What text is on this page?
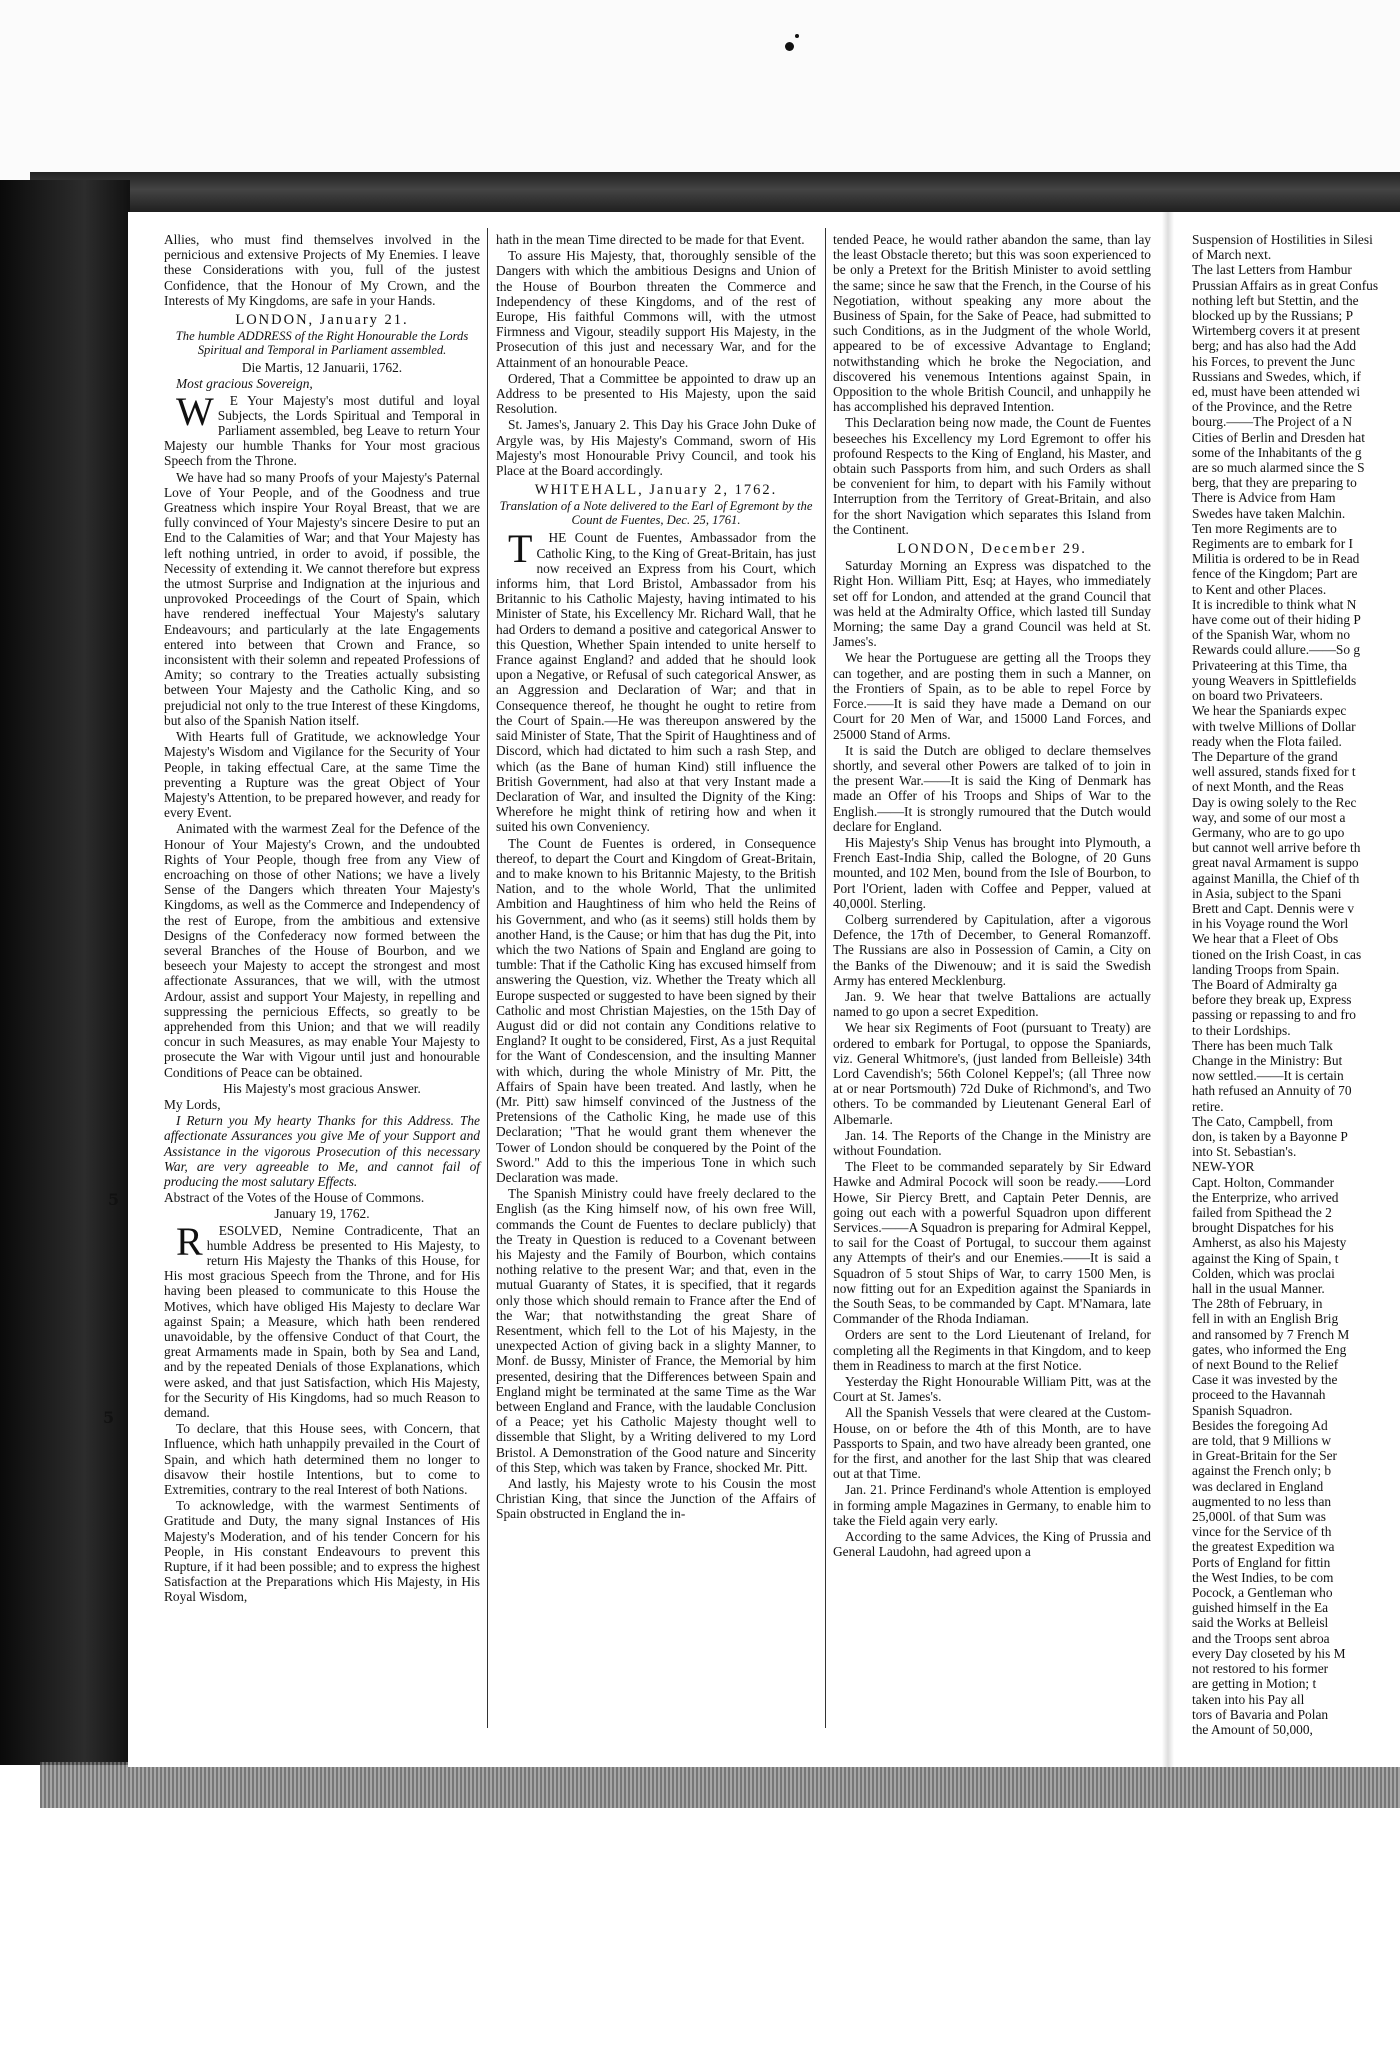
Allies, who must find themselves involved in the pernicious and extensive Projects of My Enemies. I leave these Considerations with you, full of the justest Confidence, that the Honour of My Crown, and the Interests of My Kingdoms, are safe in your Hands.

LONDON, January 21.

The humble ADDRESS of the Right Honourable the Lords Spiritual and Temporal in Parliament assembled.

Die Martis, 12 Januarii, 1762.

Most gracious Sovereign,

WE Your Majesty's most dutiful and loyal Subjects, the Lords Spiritual and Temporal in Parliament assembled, beg Leave to return Your Majesty our humble Thanks for Your most gracious Speech from the Throne.

We have had so many Proofs of your Majesty's Paternal Love of Your People, and of the Goodness and true Greatness which inspire Your Royal Breast, that we are fully convinced of Your Majesty's sincere Desire to put an End to the Calamities of War; and that Your Majesty has left nothing untried, in order to avoid, if possible, the Necessity of extending it. We cannot therefore but express the utmost Surprise and Indignation at the injurious and unprovoked Proceedings of the Court of Spain, which have rendered ineffectual Your Majesty's salutary Endeavours; and particularly at the late Engagements entered into between that Crown and France, so inconsistent with their solemn and repeated Professions of Amity; so contrary to the Treaties actually subsisting between Your Majesty and the Catholic King, and so prejudicial not only to the true Interest of these Kingdoms, but also of the Spanish Nation itself.

With Hearts full of Gratitude, we acknowledge Your Majesty's Wisdom and Vigilance for the Security of Your People, in taking effectual Care, at the same Time the preventing a Rupture was the great Object of Your Majesty's Attention, to be prepared however, and ready for every Event.

Animated with the warmest Zeal for the Defence of the Honour of Your Majesty's Crown, and the undoubted Rights of Your People, though free from any View of encroaching on those of other Nations; we have a lively Sense of the Dangers which threaten Your Majesty's Kingdoms, as well as the Commerce and Independency of the rest of Europe, from the ambitious and extensive Designs of the Confederacy now formed between the several Branches of the House of Bourbon, and we beseech your Majesty to accept the strongest and most affectionate Assurances, that we will, with the utmost Ardour, assist and support Your Majesty, in repelling and suppressing the pernicious Effects, so greatly to be apprehended from this Union; and that we will readily concur in such Measures, as may enable Your Majesty to prosecute the War with Vigour until just and honourable Conditions of Peace can be obtained.

His Majesty's most gracious Answer.

My Lords,

I Return you My hearty Thanks for this Address. The affectionate Assurances you give Me of your Support and Assistance in the vigorous Prosecution of this necessary War, are very agreeable to Me, and cannot fail of producing the most salutary Effects.

Abstract of the Votes of the House of Commons.

January 19, 1762.

RESOLVED, Nemine Contradicente, That an humble Address be presented to His Majesty, to return His Majesty the Thanks of this House, for His most gracious Speech from the Throne, and for His having been pleased to communicate to this House the Motives, which have obliged His Majesty to declare War against Spain; a Measure, which hath been rendered unavoidable, by the offensive Conduct of that Court, the great Armaments made in Spain, both by Sea and Land, and by the repeated Denials of those Explanations, which were asked, and that just Satisfaction, which His Majesty, for the Security of His Kingdoms, had so much Reason to demand.

To declare, that this House sees, with Concern, that Influence, which hath unhappily prevailed in the Court of Spain, and which hath determined them no longer to disavow their hostile Intentions, but to come to Extremities, contrary to the real Interest of both Nations.

To acknowledge, with the warmest Sentiments of Gratitude and Duty, the many signal Instances of His Majesty's Moderation, and of his tender Concern for his People, in His constant Endeavours to prevent this Rupture, if it had been possible; and to express the highest Satisfaction at the Preparations which His Majesty, in His Royal Wisdom,

hath in the mean Time directed to be made for that Event.

To assure His Majesty, that, thoroughly sensible of the Dangers with which the ambitious Designs and Union of the House of Bourbon threaten the Commerce and Independency of these Kingdoms, and of the rest of Europe, His faithful Commons will, with the utmost Firmness and Vigour, steadily support His Majesty, in the Prosecution of this just and necessary War, and for the Attainment of an honourable Peace.

Ordered, That a Committee be appointed to draw up an Address to be presented to His Majesty, upon the said Resolution.

St. James's, January 2. This Day his Grace John Duke of Argyle was, by His Majesty's Command, sworn of His Majesty's most Honourable Privy Council, and took his Place at the Board accordingly.

WHITEHALL, January 2, 1762.

Translation of a Note delivered to the Earl of Egremont by the Count de Fuentes, Dec. 25, 1761.

THE Count de Fuentes, Ambassador from the Catholic King, to the King of Great-Britain, has just now received an Express from his Court, which informs him, that Lord Bristol, Ambassador from his Britannic to his Catholic Majesty, having intimated to his Minister of State, his Excellency Mr. Richard Wall, that he had Orders to demand a positive and categorical Answer to this Question, Whether Spain intended to unite herself to France against England? and added that he should look upon a Negative, or Refusal of such categorical Answer, as an Aggression and Declaration of War; and that in Consequence thereof, he thought he ought to retire from the Court of Spain.—He was thereupon answered by the said Minister of State, That the Spirit of Haughtiness and of Discord, which had dictated to him such a rash Step, and which (as the Bane of human Kind) still influence the British Government, had also at that very Instant made a Declaration of War, and insulted the Dignity of the King: Wherefore he might think of retiring how and when it suited his own Conveniency.

The Count de Fuentes is ordered, in Consequence thereof, to depart the Court and Kingdom of Great-Britain, and to make known to his Britannic Majesty, to the British Nation, and to the whole World, That the unlimited Ambition and Haughtiness of him who held the Reins of his Government, and who (as it seems) still holds them by another Hand, is the Cause; or him that has dug the Pit, into which the two Nations of Spain and England are going to tumble: That if the Catholic King has excused himself from answering the Question, viz. Whether the Treaty which all Europe suspected or suggested to have been signed by their Catholic and most Christian Majesties, on the 15th Day of August did or did not contain any Conditions relative to England? It ought to be considered, First, As a just Requital for the Want of Condescension, and the insulting Manner with which, during the whole Ministry of Mr. Pitt, the Affairs of Spain have been treated. And lastly, when he (Mr. Pitt) saw himself convinced of the Justness of the Pretensions of the Catholic King, he made use of this Declaration; "That he would grant them whenever the Tower of London should be conquered by the Point of the Sword." Add to this the imperious Tone in which such Declaration was made.

The Spanish Ministry could have freely declared to the English (as the King himself now, of his own free Will, commands the Count de Fuentes to declare publicly) that the Treaty in Question is reduced to a Covenant between his Majesty and the Family of Bourbon, which contains nothing relative to the present War; and that, even in the mutual Guaranty of States, it is specified, that it regards only those which should remain to France after the End of the War; that notwithstanding the great Share of Resentment, which fell to the Lot of his Majesty, in the unexpected Action of giving back in a slighty Manner, to Monf. de Bussy, Minister of France, the Memorial by him presented, desiring that the Differences between Spain and England might be terminated at the same Time as the War between England and France, with the laudable Conclusion of a Peace; yet his Catholic Majesty thought well to dissemble that Slight, by a Writing delivered to my Lord Bristol. A Demonstration of the Good nature and Sincerity of this Step, which was taken by France, shocked Mr. Pitt.

And lastly, his Majesty wrote to his Cousin the most Christian King, that since the Junction of the Affairs of Spain obstructed in England the in-

tended Peace, he would rather abandon the same, than lay the least Obstacle thereto; but this was soon experienced to be only a Pretext for the British Minister to avoid settling the same; since he saw that the French, in the Course of his Negotiation, without speaking any more about the Business of Spain, for the Sake of Peace, had submitted to such Conditions, as in the Judgment of the whole World, appeared to be of excessive Advantage to England; notwithstanding which he broke the Negociation, and discovered his venemous Intentions against Spain, in Opposition to the whole British Council, and unhappily he has accomplished his depraved Intention.

This Declaration being now made, the Count de Fuentes beseeches his Excellency my Lord Egremont to offer his profound Respects to the King of England, his Master, and obtain such Passports from him, and such Orders as shall be convenient for him, to depart with his Family without Interruption from the Territory of Great-Britain, and also for the short Navigation which separates this Island from the Continent.

LONDON, December 29.

Saturday Morning an Express was dispatched to the Right Hon. William Pitt, Esq; at Hayes, who immediately set off for London, and attended at the grand Council that was held at the Admiralty Office, which lasted till Sunday Morning; the same Day a grand Council was held at St. James's.

We hear the Portuguese are getting all the Troops they can together, and are posting them in such a Manner, on the Frontiers of Spain, as to be able to repel Force by Force.——It is said they have made a Demand on our Court for 20 Men of War, and 15000 Land Forces, and 25000 Stand of Arms.

It is said the Dutch are obliged to declare themselves shortly, and several other Powers are talked of to join in the present War.——It is said the King of Denmark has made an Offer of his Troops and Ships of War to the English.——It is strongly rumoured that the Dutch would declare for England.

His Majesty's Ship Venus has brought into Plymouth, a French East-India Ship, called the Bologne, of 20 Guns mounted, and 102 Men, bound from the Isle of Bourbon, to Port l'Orient, laden with Coffee and Pepper, valued at 40,000l. Sterling.

Colberg surrendered by Capitulation, after a vigorous Defence, the 17th of December, to General Romanzoff. The Russians are also in Possession of Camin, a City on the Banks of the Diwenouw; and it is said the Swedish Army has entered Mecklenburg.

Jan. 9. We hear that twelve Battalions are actually named to go upon a secret Expedition.

We hear six Regiments of Foot (pursuant to Treaty) are ordered to embark for Portugal, to oppose the Spaniards, viz. General Whitmore's, (just landed from Belleisle) 34th Lord Cavendish's; 56th Colonel Keppel's; (all Three now at or near Portsmouth) 72d Duke of Richmond's, and Two others. To be commanded by Lieutenant General Earl of Albemarle.

Jan. 14. The Reports of the Change in the Ministry are without Foundation.

The Fleet to be commanded separately by Sir Edward Hawke and Admiral Pocock will soon be ready.——Lord Howe, Sir Piercy Brett, and Captain Peter Dennis, are going out each with a powerful Squadron upon different Services.——A Squadron is preparing for Admiral Keppel, to sail for the Coast of Portugal, to succour them against any Attempts of their's and our Enemies.——It is said a Squadron of 5 stout Ships of War, to carry 1500 Men, is now fitting out for an Expedition against the Spaniards in the South Seas, to be commanded by Capt. M'Namara, late Commander of the Rhoda Indiaman.

Orders are sent to the Lord Lieutenant of Ireland, for completing all the Regiments in that Kingdom, and to keep them in Readiness to march at the first Notice.

Yesterday the Right Honourable William Pitt, was at the Court at St. James's.

All the Spanish Vessels that were cleared at the Custom-House, on or before the 4th of this Month, are to have Passports to Spain, and two have already been granted, one for the first, and another for the last Ship that was cleared out at that Time.

Jan. 21. Prince Ferdinand's whole Attention is employed in forming ample Magazines in Germany, to enable him to take the Field again very early.

According to the same Advices, the King of Prussia and General Laudohn, had agreed upon a

Suspension of Hostilities in Silesi
of March next.
The last Letters from Hambur
Prussian Affairs as in great Confus
nothing left but Stettin, and the
blocked up by the Russians; P
Wirtemberg covers it at present
berg; and has also had the Add
his Forces, to prevent the Junc
Russians and Swedes, which, if
ed, must have been attended wi
of the Province, and the Retre
bourg.——The Project of a N
Cities of Berlin and Dresden hat
some of the Inhabitants of the g
are so much alarmed since the S
berg, that they are preparing to
There is Advice from Ham
Swedes have taken Malchin.
Ten more Regiments are to
Regiments are to embark for I
Militia is ordered to be in Read
fence of the Kingdom; Part are
to Kent and other Places.
It is incredible to think what N
have come out of their hiding P
of the Spanish War, whom no
Rewards could allure.——So g
Privateering at this Time, tha
young Weavers in Spittlefields
on board two Privateers.
We hear the Spaniards expec
with twelve Millions of Dollar
ready when the Flota failed.
The Departure of the grand
well assured, stands fixed for t
of next Month, and the Reas
Day is owing solely to the Rec
way, and some of our most a
Germany, who are to go upo
but cannot well arrive before th
great naval Armament is suppo
against Manilla, the Chief of th
in Asia, subject to the Spani
Brett and Capt. Dennis were v
in his Voyage round the Worl
We hear that a Fleet of Obs
tioned on the Irish Coast, in cas
landing Troops from Spain.
The Board of Admiralty ga
before they break up, Express
passing or repassing to and fro
to their Lordships.
There has been much Talk
Change in the Ministry: But
now settled.——It is certain
hath refused an Annuity of 70
retire.
The Cato, Campbell, from
don, is taken by a Bayonne P
into St. Sebastian's.
NEW-YOR
Capt. Holton, Commander
the Enterprize, who arrived
failed from Spithead the 2
brought Dispatches for his
Amherst, as also his Majesty
against the King of Spain, t
Colden, which was proclai
hall in the usual Manner.
The 28th of February, in
fell in with an English Brig
and ransomed by 7 French M
gates, who informed the Eng
of next Bound to the Relief
Case it was invested by the
proceed to the Havannah
Spanish Squadron.
Besides the foregoing Ad
are told, that 9 Millions w
in Great-Britain for the Ser
against the French only; b
was declared in England
augmented to no less than
25,000l. of that Sum was
vince for the Service of th
the greatest Expedition wa
Ports of England for fittin
the West Indies, to be com
Pocock, a Gentleman who
guished himself in the Ea
said the Works at Belleisl
and the Troops sent abroa
every Day closeted by his M
not restored to his former
are getting in Motion; t
taken into his Pay all
tors of Bavaria and Polan
the Amount of 50,000,
5
5
